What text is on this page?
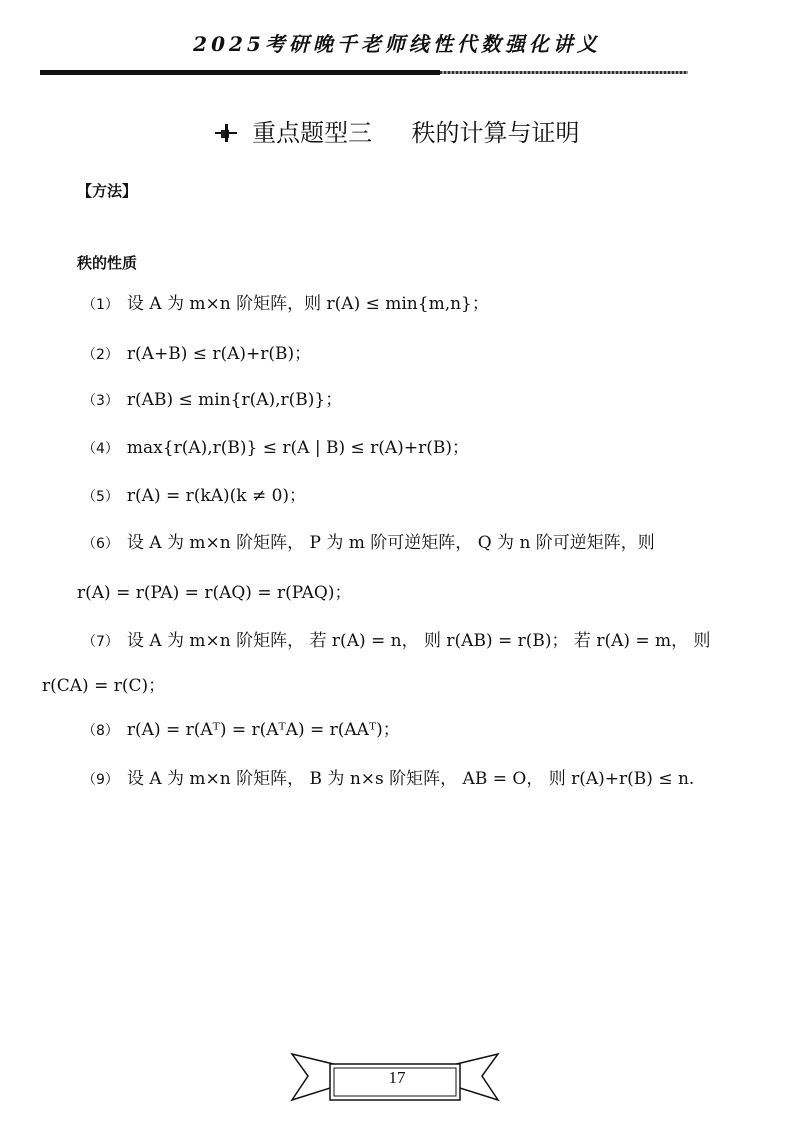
2025考研晚千老师线性代数强化讲义
重点题型三 秩的计算与证明
【方法】
秩的性质
（1） 设 A 为 m×n 阶矩阵，则 r(A) ≤ min{m,n}；
（2） r(A+B) ≤ r(A)+r(B)；
（3） r(AB) ≤ min{r(A),r(B)}；
（4） max{r(A),r(B)} ≤ r(A | B) ≤ r(A)+r(B)；
（5） r(A) = r(kA)(k ≠ 0)；
（6） 设 A 为 m×n 阶矩阵， P 为 m 阶可逆矩阵， Q 为 n 阶可逆矩阵，则
r(A) = r(PA) = r(AQ) = r(PAQ)；
（7） 设 A 为 m×n 阶矩阵， 若 r(A) = n， 则 r(AB) = r(B)； 若 r(A) = m， 则
r(CA) = r(C)；
（8） r(A) = r(Aᵀ) = r(AᵀA) = r(AAᵀ)；
（9） 设 A 为 m×n 阶矩阵， B 为 n×s 阶矩阵， AB = O， 则 r(A)+r(B) ≤ n.
17
